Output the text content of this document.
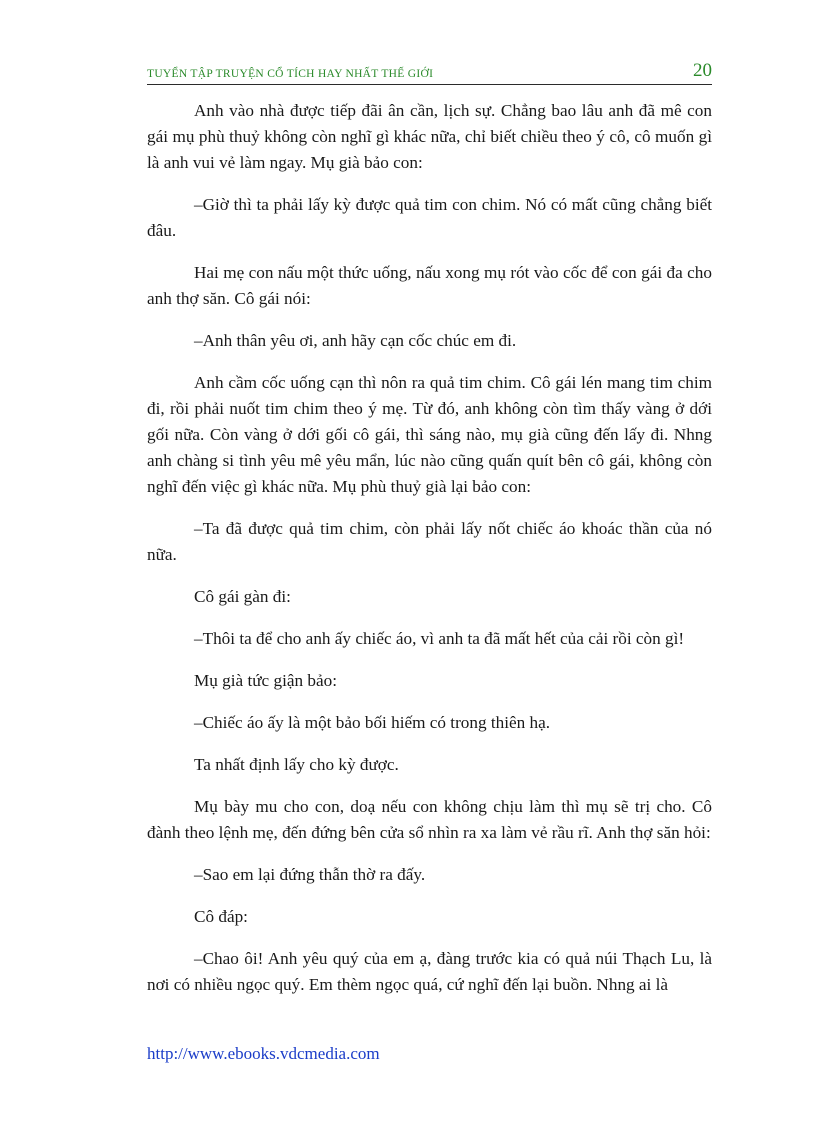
TUYỂN TẬP TRUYỆN CỔ TÍCH HAY NHẤT THẾ GIỚI	20

Anh vào nhà được tiếp đãi ân cần, lịch sự. Chẳng bao lâu anh đã mê con gái mụ phù thuỷ không còn nghĩ gì khác nữa, chỉ biết chiều theo ý cô, cô muốn gì là anh vui vẻ làm ngay. Mụ già bảo con:

–Giờ thì ta phải lấy kỳ được quả tim con chim. Nó có mất cũng chẳng biết đâu.

Hai mẹ con nấu một thức uống, nấu xong mụ rót vào cốc để con gái đa cho anh thợ săn. Cô gái nói:

–Anh thân yêu ơi, anh hãy cạn cốc chúc em đi.

Anh cầm cốc uống cạn thì nôn ra quả tim chim. Cô gái lén mang tim chim đi, rồi phải nuốt tim chim theo ý mẹ. Từ đó, anh không còn tìm thấy vàng ở dới gối nữa. Còn vàng ở dới gối cô gái, thì sáng nào, mụ già cũng đến lấy đi. Nhng anh chàng si tình yêu mê yêu mẩn, lúc nào cũng quấn quít bên cô gái, không còn nghĩ đến việc gì khác nữa. Mụ phù thuỷ già lại bảo con:

–Ta đã được quả tim chim, còn phải lấy nốt chiếc áo khoác thần của nó nữa.

Cô gái gàn đi:

–Thôi ta để cho anh ấy chiếc áo, vì anh ta đã mất hết của cải rồi còn gì!

Mụ già tức giận bảo:

–Chiếc áo ấy là một bảo bối hiếm có trong thiên hạ.

Ta nhất định lấy cho kỳ được.

Mụ bày mu cho con, doạ nếu con không chịu làm thì mụ sẽ trị cho. Cô đành theo lệnh mẹ, đến đứng bên cửa sổ nhìn ra xa làm vẻ rầu rĩ. Anh thợ săn hỏi:

–Sao em lại đứng thẫn thờ ra đấy.

Cô đáp:

–Chao ôi! Anh yêu quý của em ạ, đàng trước kia có quả núi Thạch Lu, là nơi có nhiều ngọc quý. Em thèm ngọc quá, cứ nghĩ đến lại buồn. Nhng ai là

http://www.ebooks.vdcmedia.com
